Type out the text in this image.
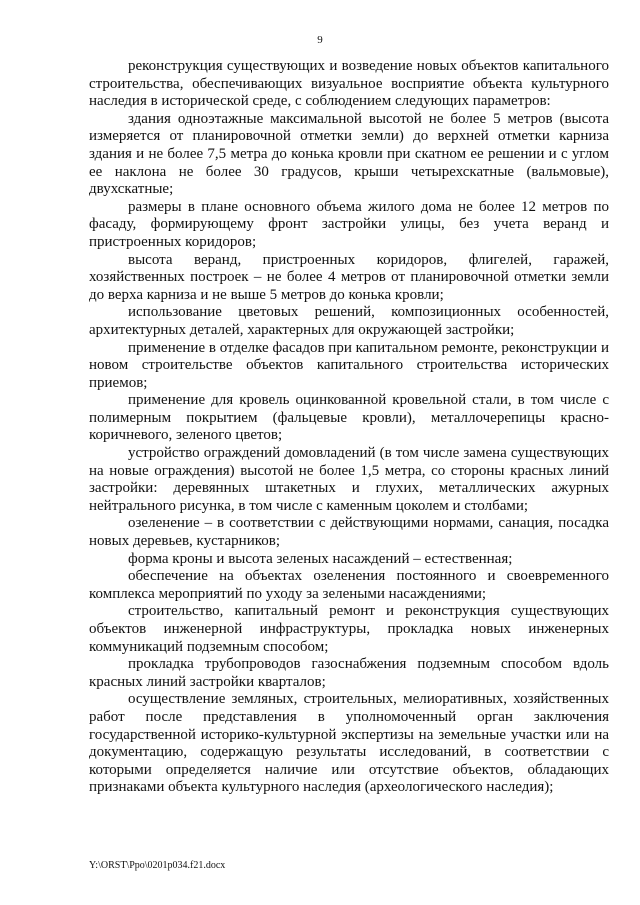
9

реконструкция существующих и возведение новых объектов капитального строительства, обеспечивающих визуальное восприятие объекта культурного наследия в исторической среде, с соблюдением следующих параметров:

здания одноэтажные максимальной высотой не более 5 метров (высота измеряется от планировочной отметки земли) до верхней отметки карниза здания и не более 7,5 метра до конька кровли при скатном ее решении и с углом ее наклона не более 30 градусов, крыши четырехскатные (вальмовые), двухскатные;

размеры в плане основного объема жилого дома не более 12 метров по фасаду, формирующему фронт застройки улицы, без учета веранд и пристроенных коридоров;

высота веранд, пристроенных коридоров, флигелей, гаражей, хозяйственных построек – не более 4 метров от планировочной отметки земли до верха карниза и не выше 5 метров до конька кровли;

использование цветовых решений, композиционных особенностей, архитектурных деталей, характерных для окружающей застройки;

применение в отделке фасадов при капитальном ремонте, реконструкции и новом строительстве объектов капитального строительства исторических приемов;

применение для кровель оцинкованной кровельной стали, в том числе с полимерным покрытием (фальцевые кровли), металлочерепицы красно-коричневого, зеленого цветов;

устройство ограждений домовладений (в том числе замена существующих на новые ограждения) высотой не более 1,5 метра, со стороны красных линий застройки: деревянных штакетных и глухих, металлических ажурных нейтрального рисунка, в том числе с каменным цоколем и столбами;

озеленение – в соответствии с действующими нормами, санация, посадка новых деревьев, кустарников;

форма кроны и высота зеленых насаждений – естественная;

обеспечение на объектах озеленения постоянного и своевременного комплекса мероприятий по уходу за зелеными насаждениями;

строительство, капитальный ремонт и реконструкция существующих объектов инженерной инфраструктуры, прокладка новых инженерных коммуникаций подземным способом;

прокладка трубопроводов газоснабжения подземным способом вдоль красных линий застройки кварталов;

осуществление земляных, строительных, мелиоративных, хозяйственных работ после представления в уполномоченный орган заключения государственной историко-культурной экспертизы на земельные участки или на документацию, содержащую результаты исследований, в соответствии с которыми определяется наличие или отсутствие объектов, обладающих признаками объекта культурного наследия (археологического наследия);

Y:\ORST\Ppo\0201p034.f21.docx
